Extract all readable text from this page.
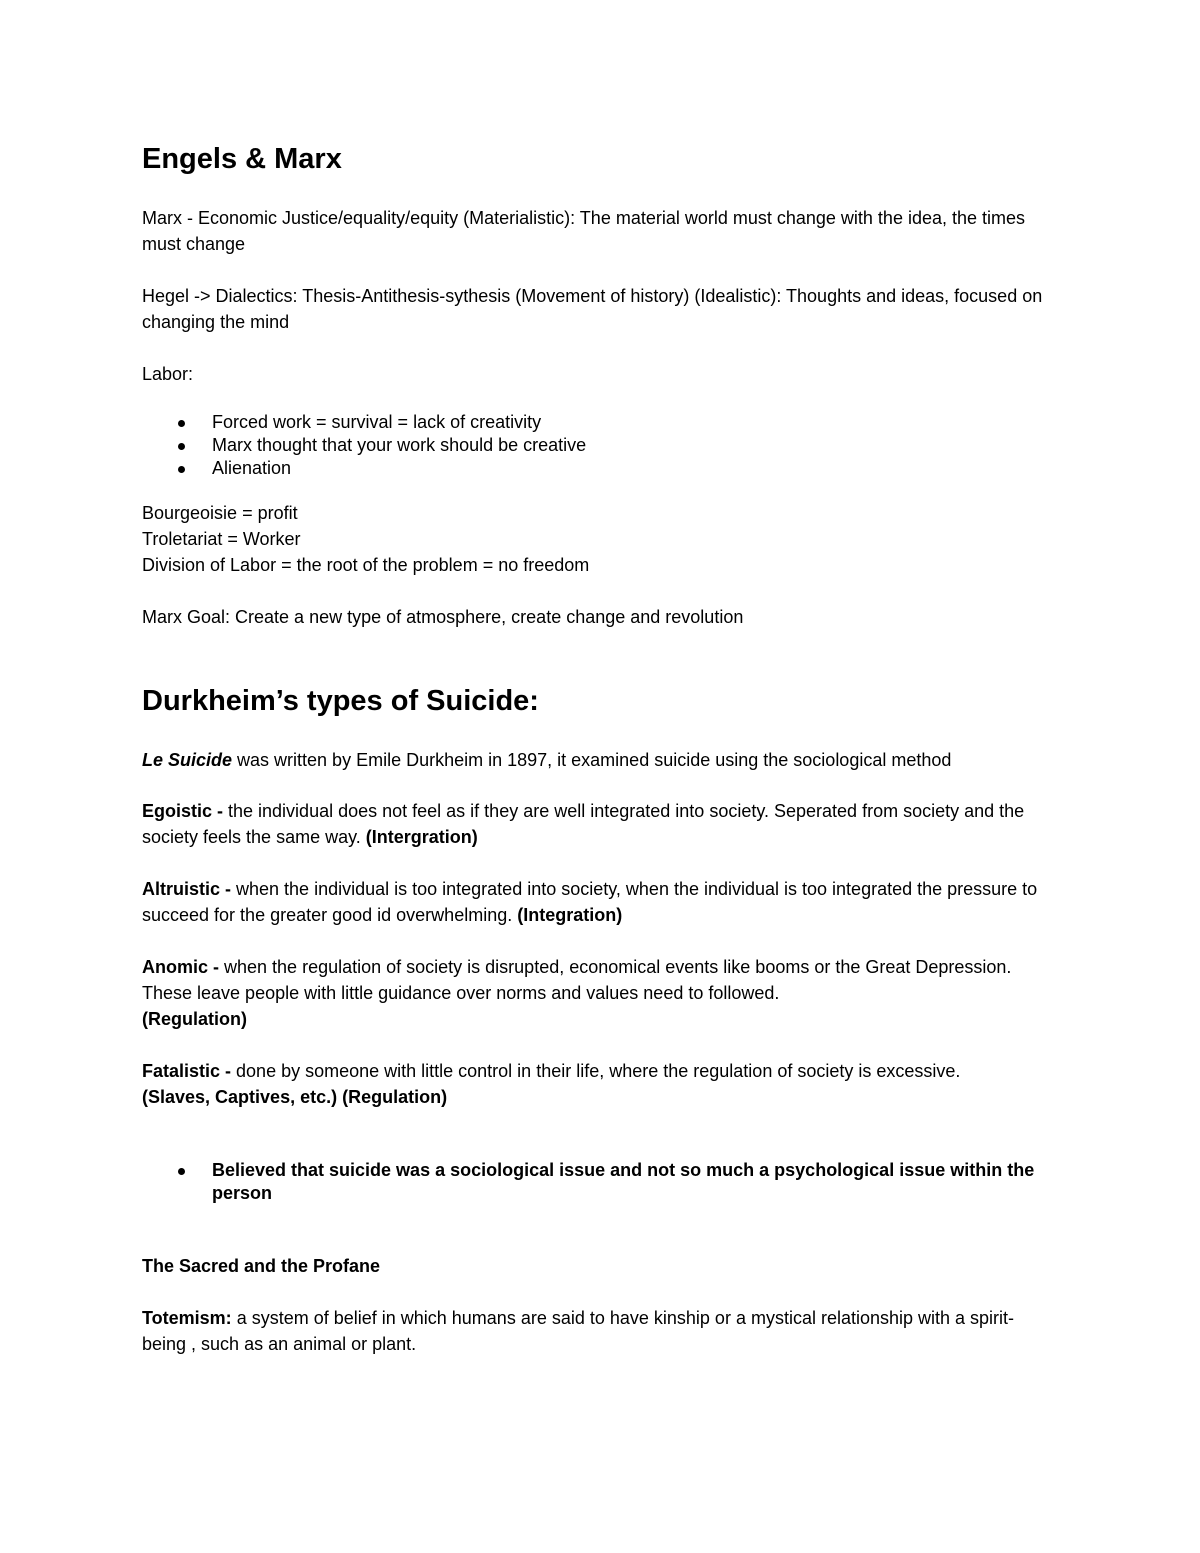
Engels & Marx

Marx - Economic Justice/equality/equity (Materialistic): The material world must change with the idea, the times must change

Hegel -> Dialectics: Thesis-Antithesis-sythesis (Movement of history) (Idealistic): Thoughts and ideas, focused on changing the mind

Labor:

Forced work = survival = lack of creativity
Marx thought that your work should be creative
Alienation

Bourgeoisie = profit

Troletariat = Worker

Division of Labor = the root of the problem = no freedom

Marx Goal: Create a new type of atmosphere, create change and revolution

Durkheim’s types of Suicide:

Le Suicide was written by Emile Durkheim in 1897, it examined suicide using the sociological method

Egoistic - the individual does not feel as if they are well integrated into society. Seperated from society and the society feels the same way. (Intergration)

Altruistic - when the individual is too integrated into society, when the individual is too integrated the pressure to succeed for the greater good id overwhelming. (Integration)

Anomic - when the regulation of society is disrupted, economical events like booms or the Great Depression. These leave people with little guidance over norms and values need to followed.
(Regulation)

Fatalistic - done by someone with little control in their life, where the regulation of society is excessive.
(Slaves, Captives, etc.) (Regulation)

Believed that suicide was a sociological issue and not so much a psychological issue within the person

The Sacred and the Profane

Totemism: a system of belief in which humans are said to have kinship or a mystical relationship with a spirit-being , such as an animal or plant.
